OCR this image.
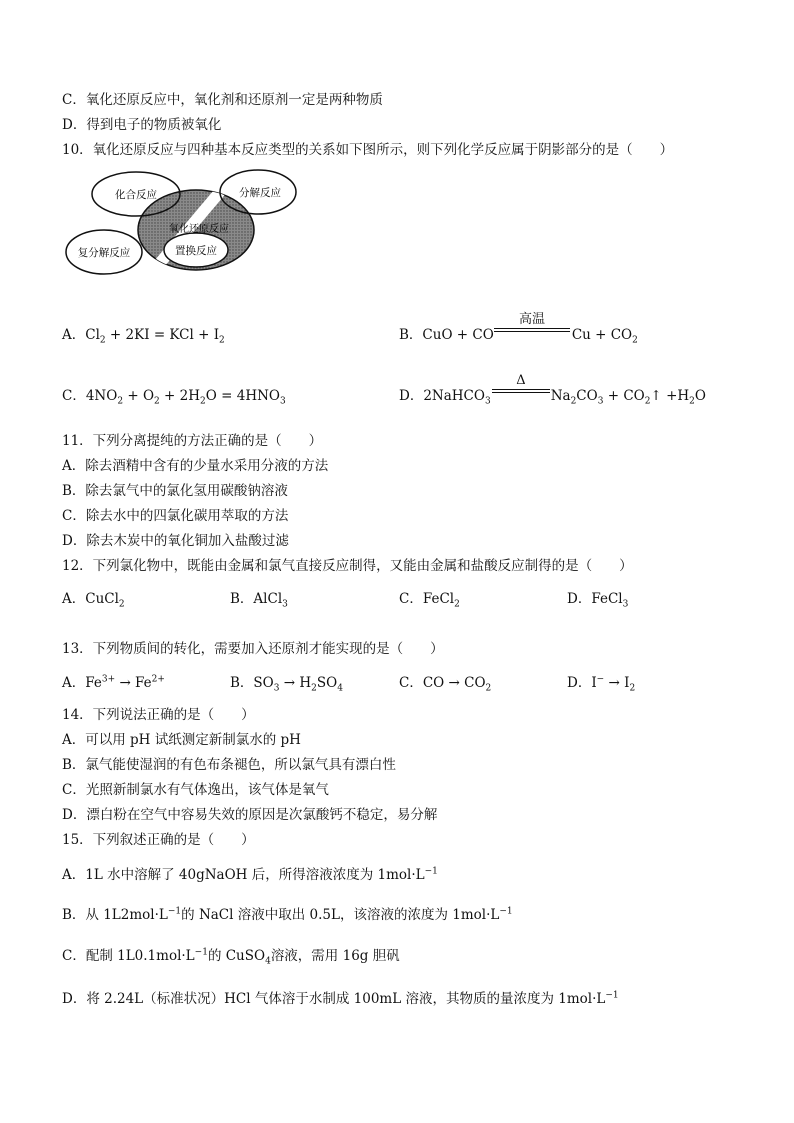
C．氧化还原反应中，氧化剂和还原剂一定是两种物质
D．得到电子的物质被氧化
10．氧化还原反应与四种基本反应类型的关系如下图所示，则下列化学反应属于阴影部分的是（　　）
化合反应	分解反应
氧化还原反应
复分解反应	置换反应
A．$Cl_2 + 2KI$ = KCl + $I_2$	B．CuO + CO	$Cu + CO_2$
高温
C．$4NO_2 + O_2 + 2H_2O = 4HNO_3$	D．2NaHCO$_3$	$Na_2CO_3$ + $CO_2↑ +H_2O$
Δ
11．下列分离提纯的方法正确的是（　　）
A．除去酒精中含有的少量水采用分液的方法
B．除去氯气中的氯化氢用碳酸钠溶液
C．除去水中的四氯化碳用萃取的方法
D．除去木炭中的氧化铜加入盐酸过滤
12．下列氯化物中，既能由金属和氯气直接反应制得，又能由金属和盐酸反应制得的是（　　）
A．CuCl$_2$	B．AlCl$_3$	C．FeCl$_2$	D．FeCl$_3$
13．下列物质间的转化，需要加入还原剂才能实现的是（　　）
A．$Fe^{3+} \to Fe^{2+}$	B．$SO_3 \to H_2SO_4$	C．CO → $CO_2$	D．$I^- \to I_2$
14．下列说法正确的是（　　）
A．可以用 pH 试纸测定新制氯水的 pH
B．氯气能使湿润的有色布条褪色，所以氯气具有漂白性
C．光照新制氯水有气体逸出，该气体是氧气
D．漂白粉在空气中容易失效的原因是次氯酸钙不稳定，易分解
15．下列叙述正确的是（　　）
A．1L 水中溶解了 40gNaOH 后，所得溶液浓度为 $1mol\cdot L^{-1}$
B．从 $1L2mol\cdot L^{-1}$的 NaCl 溶液中取出 0.5L，该溶液的浓度为 $1mol\cdot L^{-1}$
C．配制 $1L0.1mol\cdot L^{-1}$的 CuSO$_4$溶液，需用 16g 胆矾
D．将 2.24L（标准状况）HCl 气体溶于水制成 100mL 溶液，其物质的量浓度为 $1mol\cdot L^{-1}$
